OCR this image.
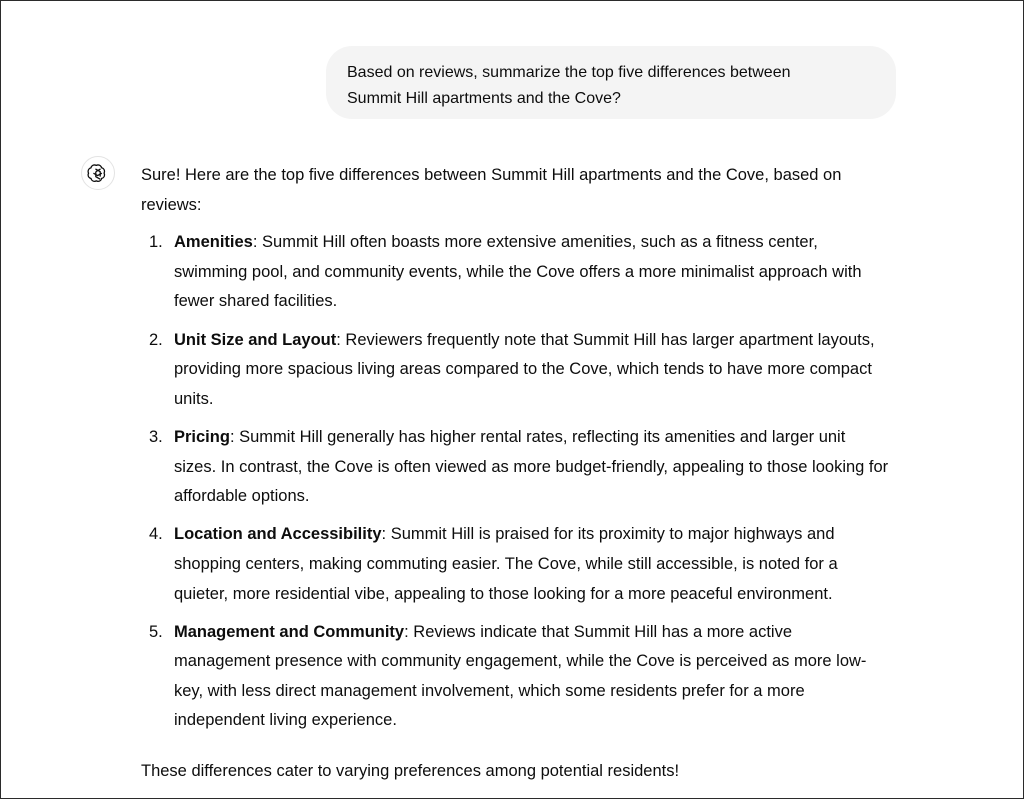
Based on reviews, summarize the top five differences between
Summit Hill apartments and the Cove?

Sure! Here are the top five differences between Summit Hill apartments and the Cove, based on reviews:

1. Amenities: Summit Hill often boasts more extensive amenities, such as a fitness center, swimming pool, and community events, while the Cove offers a more minimalist approach with fewer shared facilities.
2. Unit Size and Layout: Reviewers frequently note that Summit Hill has larger apartment layouts, providing more spacious living areas compared to the Cove, which tends to have more compact units.
3. Pricing: Summit Hill generally has higher rental rates, reflecting its amenities and larger unit sizes. In contrast, the Cove is often viewed as more budget-friendly, appealing to those looking for affordable options.
4. Location and Accessibility: Summit Hill is praised for its proximity to major highways and shopping centers, making commuting easier. The Cove, while still accessible, is noted for a quieter, more residential vibe, appealing to those looking for a more peaceful environment.
5. Management and Community: Reviews indicate that Summit Hill has a more active management presence with community engagement, while the Cove is perceived as more low-key, with less direct management involvement, which some residents prefer for a more independent living experience.

These differences cater to varying preferences among potential residents!
